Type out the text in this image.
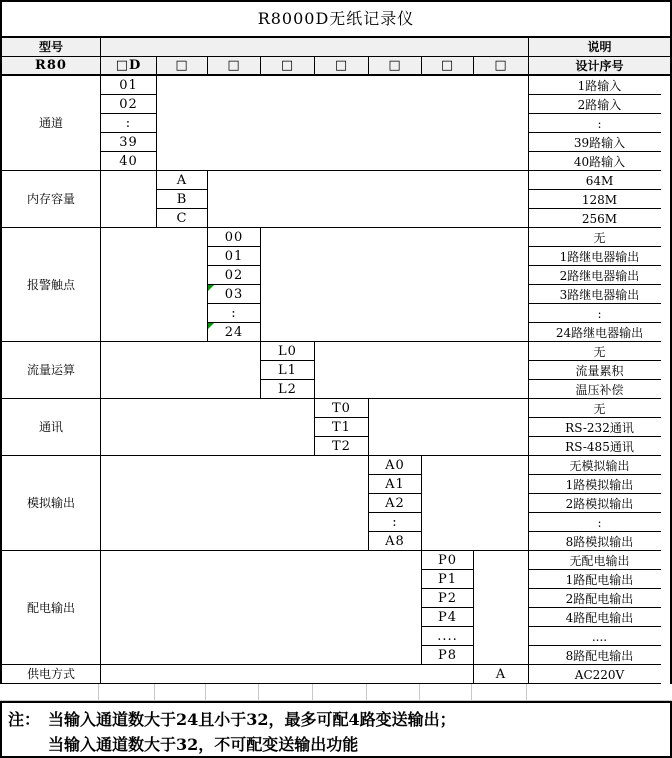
R8000D无纸记录仪
型号	说明
R80	设计序号
□D	□	□	□	□	□	□	□
通道
01	1路输入
02	2路输入
:	:
39	39路输入
40	40路输入
内存容量
A	64M
B	128M
C	256M
报警触点
00	无
01	1路继电器输出
02	2路继电器输出
03	3路继电器输出
:	:
24	24路继电器输出
流量运算
L0	无
L1	流量累积
L2	温压补偿
通讯
T0	无
T1	RS-232通讯
T2	RS-485通讯
模拟输出
A0	无模拟输出
A1	1路模拟输出
A2	2路模拟输出
:	:
A8	8路模拟输出
配电输出
P0	无配电输出
P1	1路配电输出
P2	2路配电输出
P4	4路配电输出
....	....
P8	8路配电输出
供电方式	A	AC220V
注： 当输入通道数大于24且小于32，最多可配4路变送输出；
当输入通道数大于32，不可配变送输出功能
